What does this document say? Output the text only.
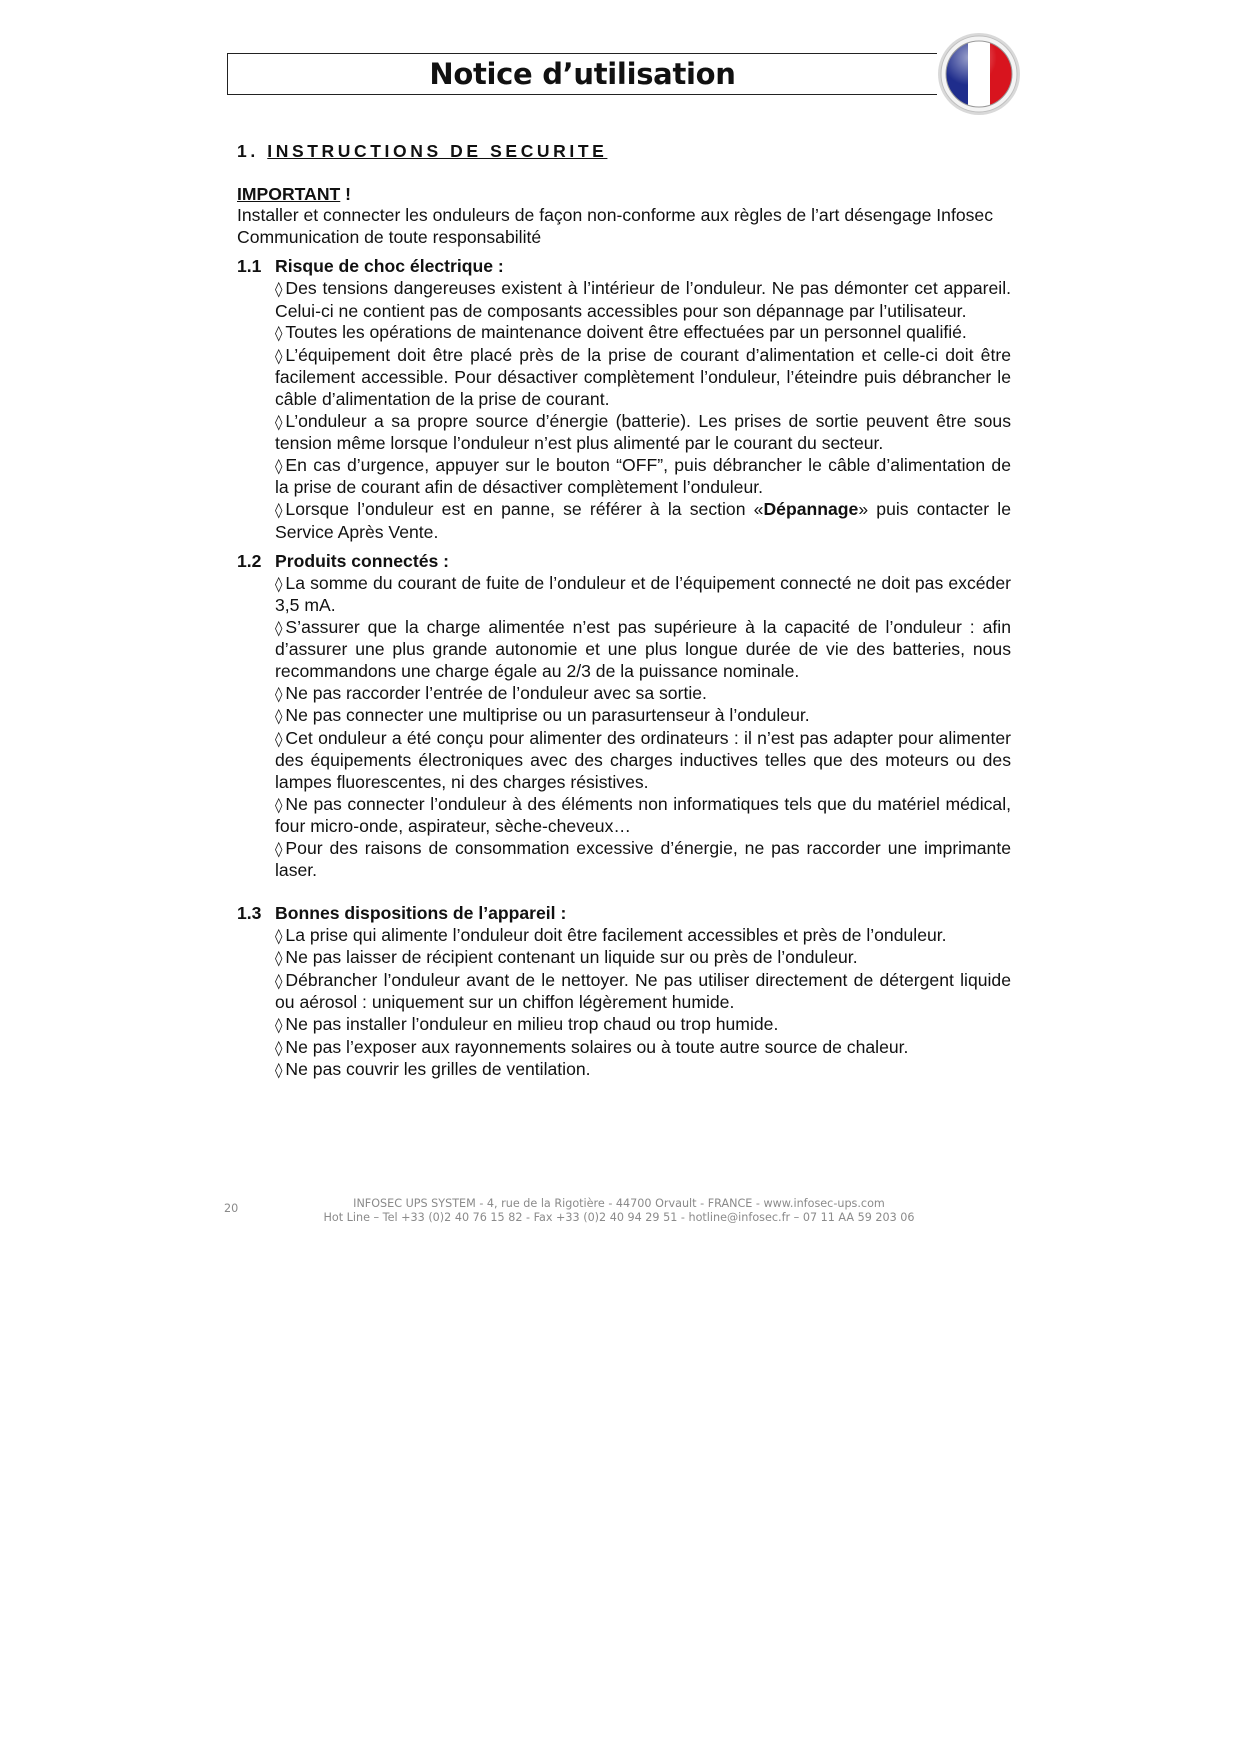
Notice d’utilisation
1. INSTRUCTIONS DE SECURITE
IMPORTANT !
Installer et connecter les onduleurs de façon non-conforme aux règles de l’art désengage Infosec Communication de toute responsabilité
1.1 Risque de choc électrique :
◊ Des tensions dangereuses existent à l’intérieur de l’onduleur. Ne pas démonter cet appareil. Celui-ci ne contient pas de composants accessibles pour son dépannage par l’utilisateur.
◊ Toutes les opérations de maintenance doivent être effectuées par un personnel qualifié.
◊ L’équipement doit être placé près de la prise de courant d’alimentation et celle-ci doit être facilement accessible. Pour désactiver complètement l’onduleur, l’éteindre puis débrancher le câble d’alimentation de la prise de courant.
◊ L’onduleur a sa propre source d’énergie (batterie). Les prises de sortie peuvent être sous tension même lorsque l’onduleur n’est plus alimenté par le courant du secteur.
◊ En cas d’urgence, appuyer sur le bouton “OFF”, puis débrancher le câble d’alimentation de la prise de courant afin de désactiver complètement l’onduleur.
◊ Lorsque l’onduleur est en panne, se référer à la section «Dépannage» puis contacter le Service Après Vente.
1.2 Produits connectés :
◊ La somme du courant de fuite de l’onduleur et de l’équipement connecté ne doit pas excéder 3,5 mA.
◊ S’assurer que la charge alimentée n’est pas supérieure à la capacité de l’onduleur : afin d’assurer une plus grande autonomie et une plus longue durée de vie des batteries, nous recommandons une charge égale au 2/3 de la puissance nominale.
◊ Ne pas raccorder l’entrée de l’onduleur avec sa sortie.
◊ Ne pas connecter une multiprise ou un parasurtenseur à l’onduleur.
◊ Cet onduleur a été conçu pour alimenter des ordinateurs : il n’est pas adapter pour alimenter des équipements électroniques avec des charges inductives telles que des moteurs ou des lampes fluorescentes, ni des charges résistives.
◊ Ne pas connecter l’onduleur à des éléments non informatiques tels que du matériel médical, four micro-onde, aspirateur, sèche-cheveux…
◊ Pour des raisons de consommation excessive d’énergie, ne pas raccorder une imprimante laser.
1.3 Bonnes dispositions de l’appareil :
◊ La prise qui alimente l’onduleur doit être facilement accessibles et près de l’onduleur.
◊ Ne pas laisser de récipient contenant un liquide sur ou près de l’onduleur.
◊ Débrancher l’onduleur avant de le nettoyer. Ne pas utiliser directement de détergent liquide ou aérosol : uniquement sur un chiffon légèrement humide.
◊ Ne pas installer l’onduleur en milieu trop chaud ou trop humide.
◊ Ne pas l’exposer aux rayonnements solaires ou à toute autre source de chaleur.
◊ Ne pas couvrir les grilles de ventilation.
20	INFOSEC UPS SYSTEM - 4, rue de la Rigotière - 44700 Orvault - FRANCE - www.infosec-ups.com
Hot Line – Tel +33 (0)2 40 76 15 82 - Fax +33 (0)2 40 94 29 51 - hotline@infosec.fr – 07 11 AA 59 203 06
